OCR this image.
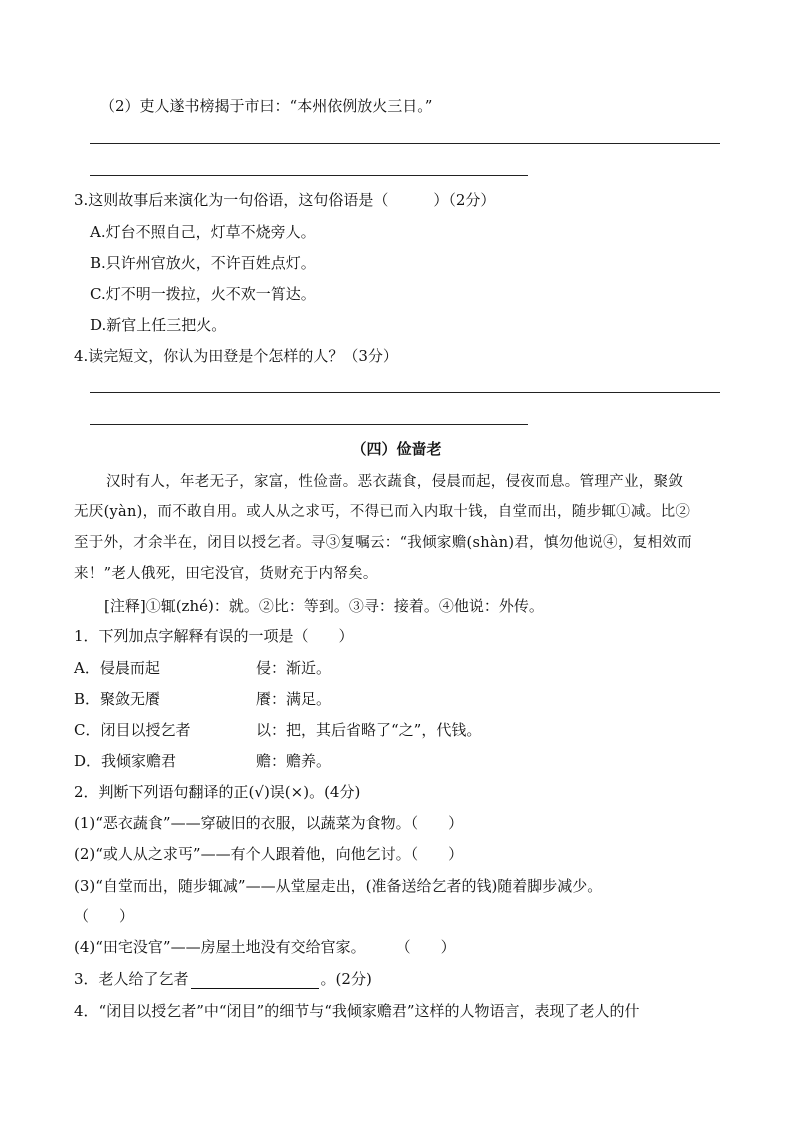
（2）吏人遂书榜揭于市曰：“本州依例放火三日。”
3.这则故事后来演化为一句俗语，这句俗语是（　　　）（2分）
A.灯台不照自己，灯草不烧旁人。
B.只许州官放火，不许百姓点灯。
C.灯不明一拨拉，火不欢一筲达。
D.新官上任三把火。
4.读完短文，你认为田登是个怎样的人？（3分）
（四）俭啬老
汉时有人，年老无子，家富，性俭啬。恶衣蔬食，侵晨而起，侵夜而息。管理产业，聚敛
无厌(yàn)，而不敢自用。或人从之求丐，不得已而入内取十钱，自堂而出，随步辄①减。比②
至于外，才余半在，闭目以授乞者。寻③复嘱云：“我倾家赡(shàn)君，慎勿他说④，复相效而
来！”老人俄死，田宅没官，货财充于内帑矣。
[注释]①辄(zhé)：就。②比：等到。③寻：接着。④他说：外传。
1．下列加点字解释有误的一项是（　　）
A．侵晨而起	侵：渐近。
B．聚敛无餍	餍：满足。
C．闭目以授乞者	以：把，其后省略了“之”，代钱。
D．我倾家赡君	赡：赡养。
2．判断下列语句翻译的正(√)误(×)。(4分)
(1)“恶衣蔬食”——穿破旧的衣服，以蔬菜为食物。（　　）
(2)“或人从之求丐”——有个人跟着他，向他乞讨。（　　）
(3)“自堂而出，随步辄减”——从堂屋走出，(准备送给乞者的钱)随着脚步减少。
（　　）
(4)“田宅没官”——房屋土地没有交给官家。　　　（　　）
3．老人给了乞者	。(2分)
4．“闭目以授乞者”中“闭目”的细节与“我倾家赡君”这样的人物语言，表现了老人的什
